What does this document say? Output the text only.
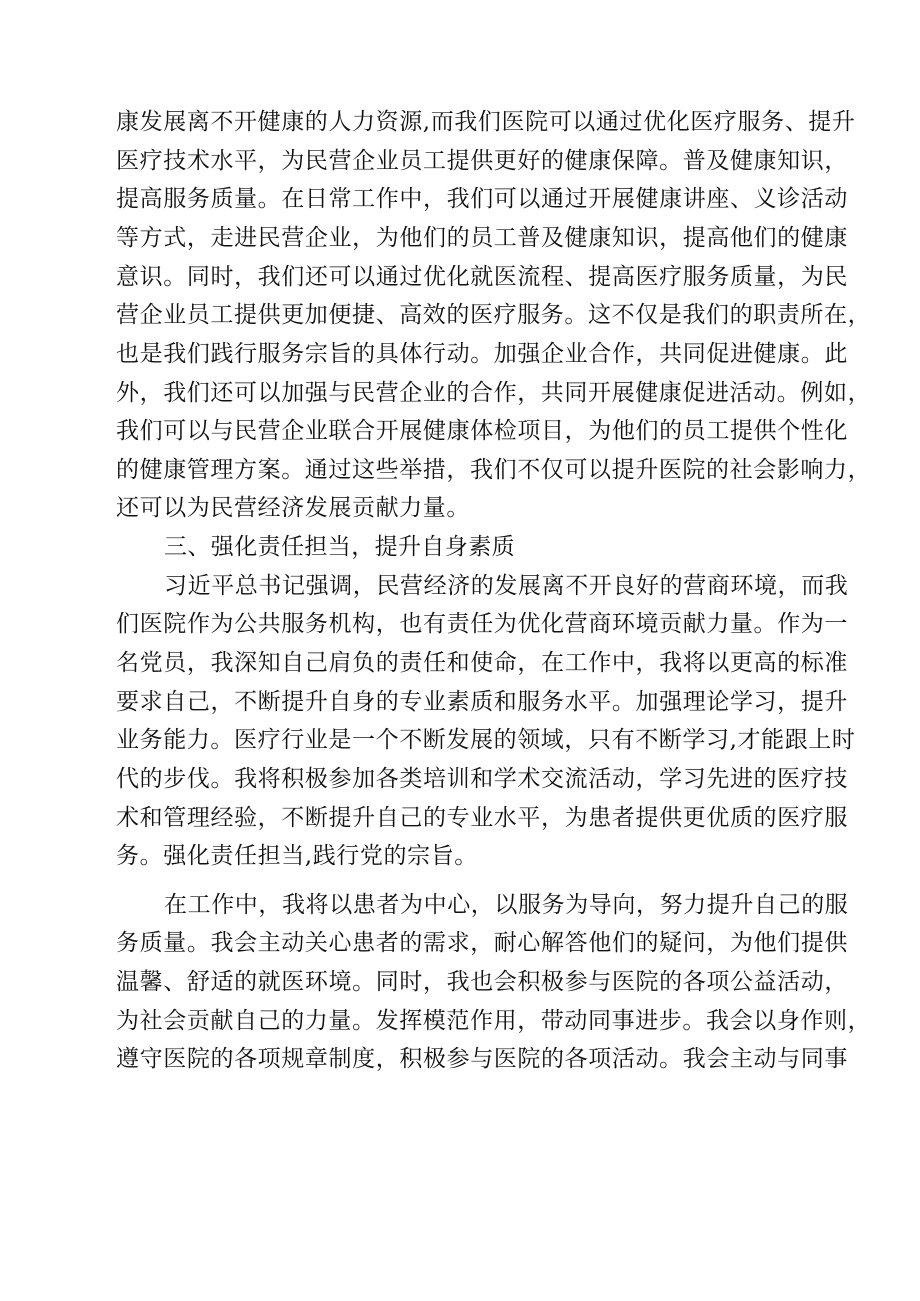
康发展离不开健康的人力资源,而我们医院可以通过优化医疗服务、提升
医疗技术水平，为民营企业员工提供更好的健康保障。普及健康知识，
提高服务质量。在日常工作中，我们可以通过开展健康讲座、义诊活动
等方式，走进民营企业，为他们的员工普及健康知识，提高他们的健康
意识。同时，我们还可以通过优化就医流程、提高医疗服务质量，为民
营企业员工提供更加便捷、高效的医疗服务。这不仅是我们的职责所在，
也是我们践行服务宗旨的具体行动。加强企业合作，共同促进健康。此
外，我们还可以加强与民营企业的合作，共同开展健康促进活动。例如，
我们可以与民营企业联合开展健康体检项目，为他们的员工提供个性化
的健康管理方案。通过这些举措，我们不仅可以提升医院的社会影响力，
还可以为民营经济发展贡献力量。
三、强化责任担当，提升自身素质
习近平总书记强调，民营经济的发展离不开良好的营商环境，而我
们医院作为公共服务机构，也有责任为优化营商环境贡献力量。作为一
名党员，我深知自己肩负的责任和使命，在工作中，我将以更高的标准
要求自己，不断提升自身的专业素质和服务水平。加强理论学习，提升
业务能力。医疗行业是一个不断发展的领域，只有不断学习,才能跟上时
代的步伐。我将积极参加各类培训和学术交流活动，学习先进的医疗技
术和管理经验，不断提升自己的专业水平，为患者提供更优质的医疗服
务。强化责任担当,践行党的宗旨。
在工作中，我将以患者为中心，以服务为导向，努力提升自己的服
务质量。我会主动关心患者的需求，耐心解答他们的疑问，为他们提供
温馨、舒适的就医环境。同时，我也会积极参与医院的各项公益活动，
为社会贡献自己的力量。发挥模范作用，带动同事进步。我会以身作则，
遵守医院的各项规章制度，积极参与医院的各项活动。我会主动与同事
